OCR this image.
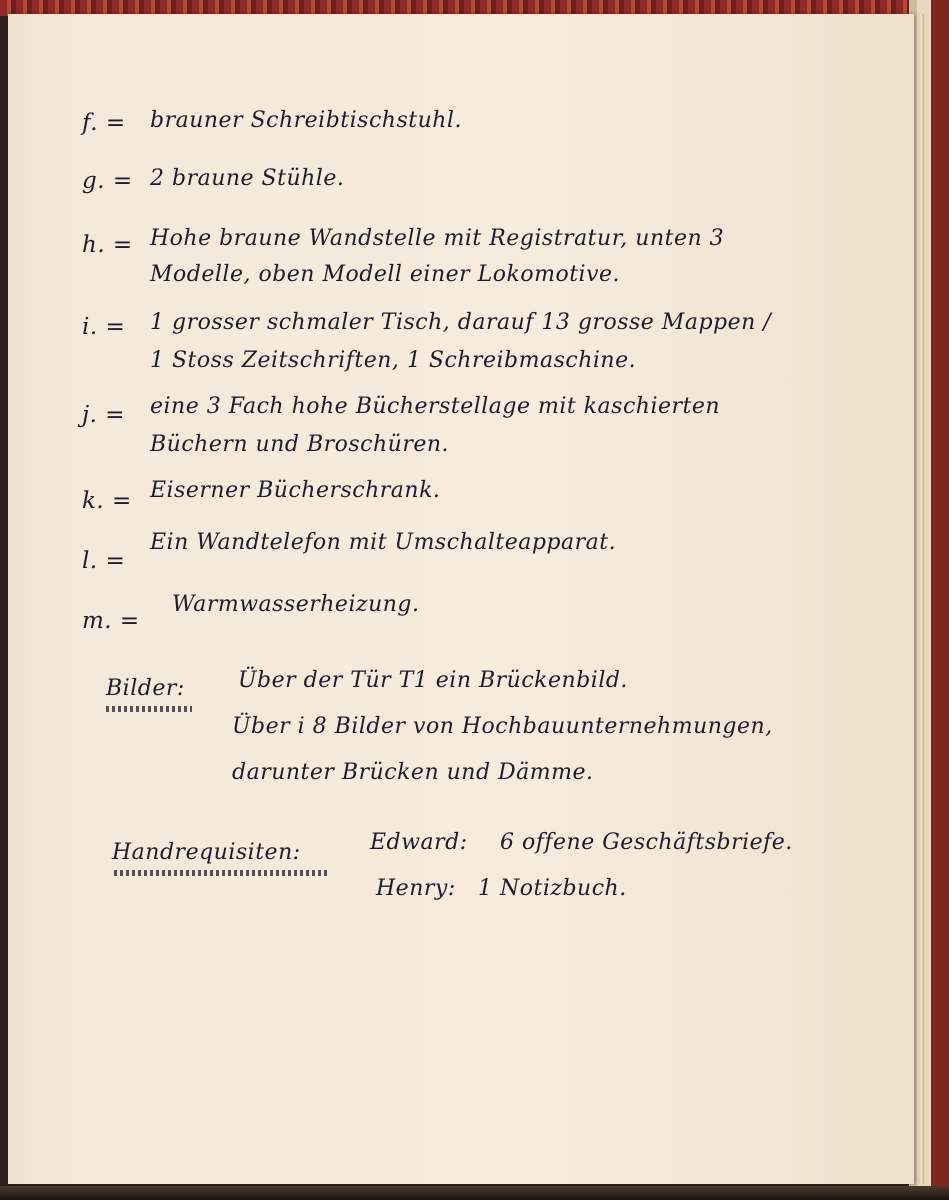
f. = brauner Schreibtischstuhl.
g. = 2 braune Stühle.
h. = Hohe braune Wandstelle mit Registratur, unten 3
Modelle, oben Modell einer Lokomotive.
i. = 1 grosser schmaler Tisch, darauf 13 grosse Mappen /
1 Stoss Zeitschriften, 1 Schreibmaschine.
j. = eine 3 Fach hohe Bücherstellage mit kaschierten
Büchern und Broschüren.
k. = Eiserner Bücherschrank.
l. =
Ein Wandtelefon mit Umschalteapparat.
m. =
Warmwasserheizung.
Bilder: Über der Tür T1 ein Brückenbild.
Über i 8 Bilder von Hochbauunternehmungen,
darunter Brücken und Dämme.
Handrequisiten:	Edward: 6 offene Geschäftsbriefe.
Henry: 1 Notizbuch.
